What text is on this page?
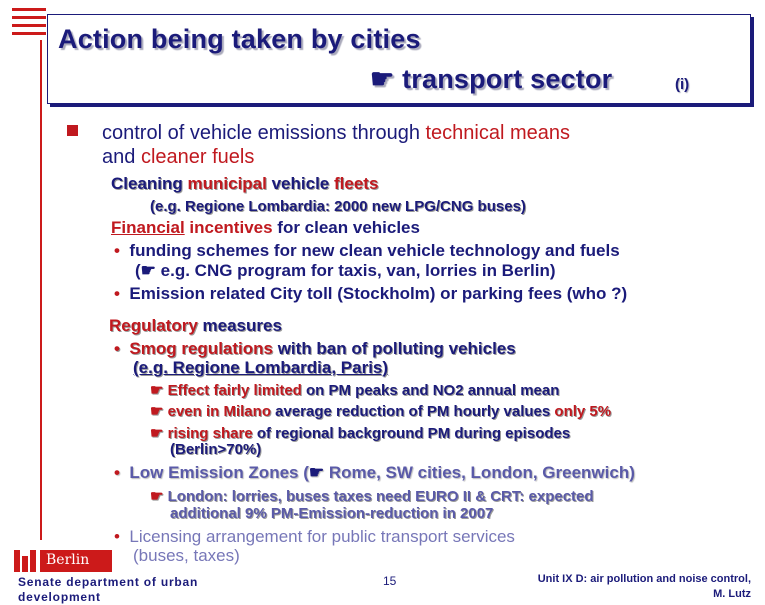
Action being taken by cities
☛ transport sector	(i)
control of vehicle emissions through technical means
and cleaner fuels
Cleaning municipal vehicle fleets
(e.g. Regione Lombardia: 2000 new LPG/CNG buses)
Financial incentives for clean vehicles
• funding schemes for new clean vehicle technology and fuels
(☛ e.g. CNG program for taxis, van, lorries in Berlin)
• Emission related City toll (Stockholm) or parking fees (who ?)
Regulatory measures
• Smog regulations with ban of polluting vehicles
(e.g. Regione Lombardia, Paris)
☛ Effect fairly limited on PM peaks and NO2 annual mean
☛ even in Milano average reduction of PM hourly values only 5%
☛ rising share of regional background PM during episodes
(Berlin>70%)
• Low Emission Zones (☛ Rome, SW cities, London, Greenwich)
☛ London: lorries, buses taxes need EURO II & CRT: expected
additional 9% PM-Emission-reduction in 2007
• Licensing arrangement for public transport services
(buses, taxes)
Berlin
Senate department of urban
development
15	Unit IX D: air pollution and noise control,
M. Lutz
